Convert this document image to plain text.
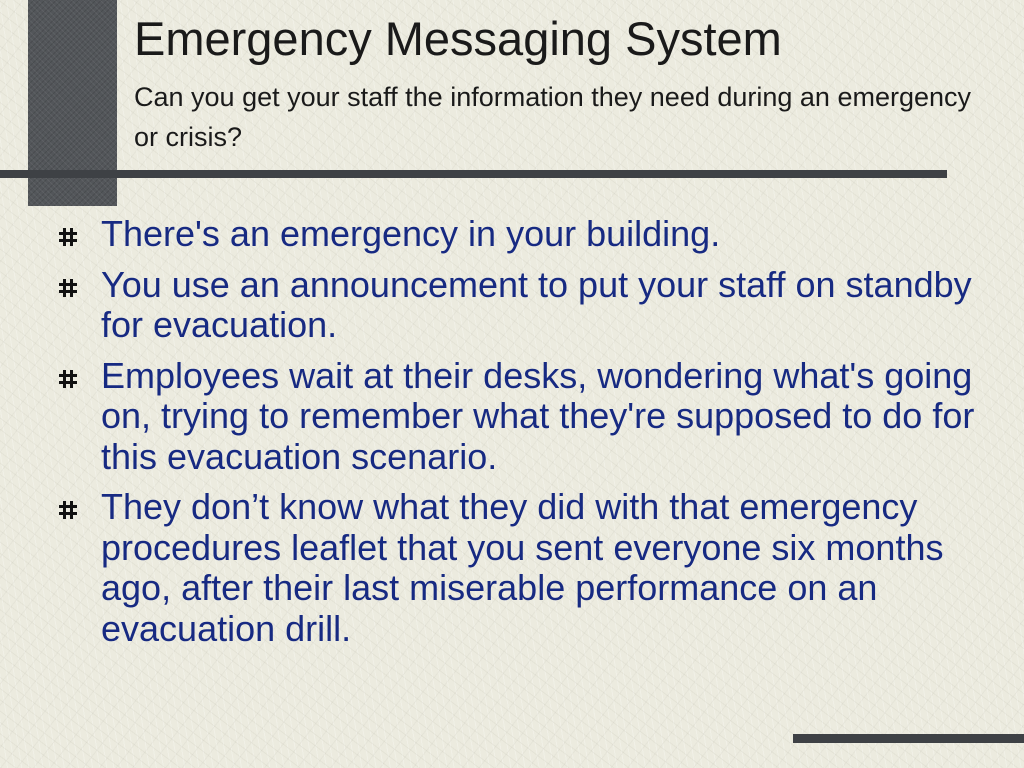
Emergency Messaging System

Can you get your staff the information they need during an emergency or crisis?

There's an emergency in your building.
You use an announcement to put your staff on standby for evacuation.
Employees wait at their desks, wondering what's going on, trying to remember what they're supposed to do for this evacuation scenario.
They don’t know what they did with that emergency procedures leaflet that you sent everyone six months ago, after their last miserable performance on an evacuation drill.
